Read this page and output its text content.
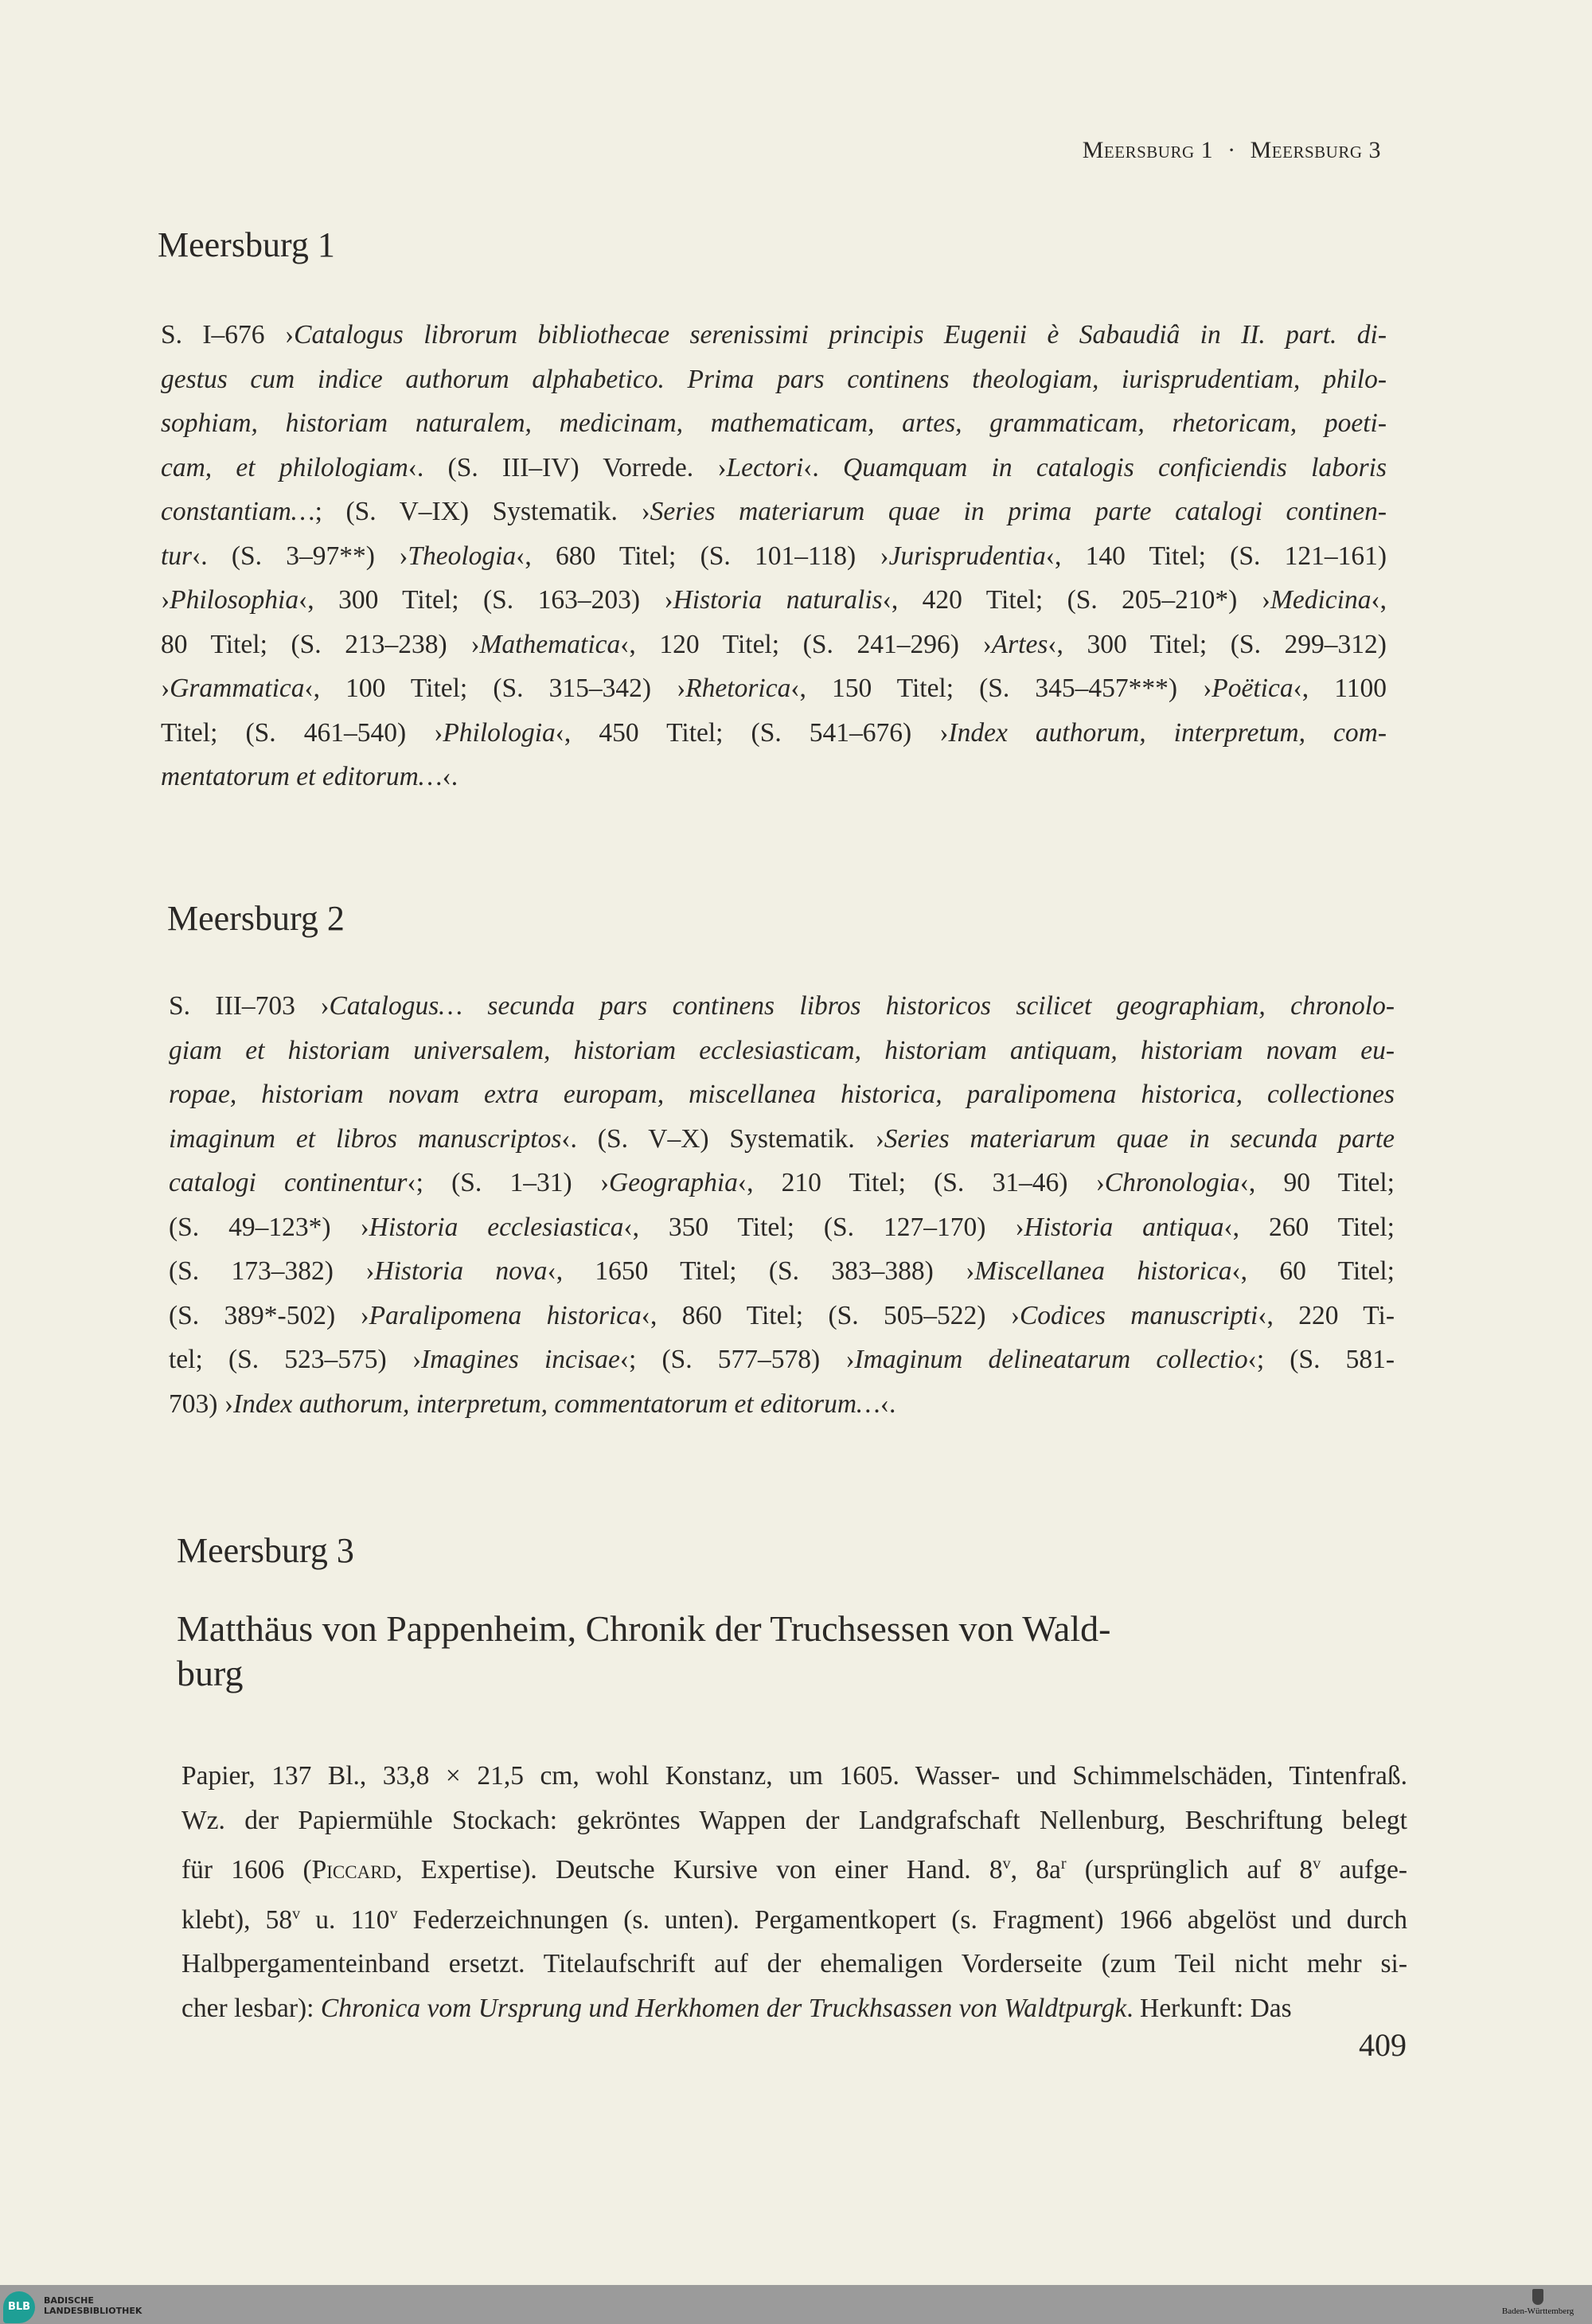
Meersburg 1 · Meersburg 3
Meersburg 1
S. I–676 ›Catalogus librorum bibliothecae serenissimi principis Eugenii è Sabaudiâ in II. part. di-
gestus cum indice authorum alphabetico. Prima pars continens theologiam, iurisprudentiam, philo-
sophiam, historiam naturalem, medicinam, mathematicam, artes, grammaticam, rhetoricam, poeti-
cam, et philologiam‹. (S. III–IV) Vorrede. ›Lectori‹. Quamquam in catalogis conficiendis laboris
constantiam…; (S. V–IX) Systematik. ›Series materiarum quae in prima parte catalogi continen-
tur‹. (S. 3–97**) ›Theologia‹, 680 Titel; (S. 101–118) ›Jurisprudentia‹, 140 Titel; (S. 121–161)
›Philosophia‹, 300 Titel; (S. 163–203) ›Historia naturalis‹, 420 Titel; (S. 205–210*) ›Medicina‹,
80 Titel; (S. 213–238) ›Mathematica‹, 120 Titel; (S. 241–296) ›Artes‹, 300 Titel; (S. 299–312)
›Grammatica‹, 100 Titel; (S. 315–342) ›Rhetorica‹, 150 Titel; (S. 345–457***) ›Poëtica‹, 1100
Titel; (S. 461–540) ›Philologia‹, 450 Titel; (S. 541–676) ›Index authorum, interpretum, com-
mentatorum et editorum…‹.
Meersburg 2
S. III–703 ›Catalogus… secunda pars continens libros historicos scilicet geographiam, chronolo-
giam et historiam universalem, historiam ecclesiasticam, historiam antiquam, historiam novam eu-
ropae, historiam novam extra europam, miscellanea historica, paralipomena historica, collectiones
imaginum et libros manuscriptos‹. (S. V–X) Systematik. ›Series materiarum quae in secunda parte
catalogi continentur‹; (S. 1–31) ›Geographia‹, 210 Titel; (S. 31–46) ›Chronologia‹, 90 Titel;
(S. 49–123*) ›Historia ecclesiastica‹, 350 Titel; (S. 127–170) ›Historia antiqua‹, 260 Titel;
(S. 173–382) ›Historia nova‹, 1650 Titel; (S. 383–388) ›Miscellanea historica‹, 60 Titel;
(S. 389*-502) ›Paralipomena historica‹, 860 Titel; (S. 505–522) ›Codices manuscripti‹, 220 Ti-
tel; (S. 523–575) ›Imagines incisae‹; (S. 577–578) ›Imaginum delineatarum collectio‹; (S. 581-
703) ›Index authorum, interpretum, commentatorum et editorum…‹.
Meersburg 3
Matthäus von Pappenheim, Chronik der Truchsessen von Wald-
burg
Papier, 137 Bl., 33,8 × 21,5 cm, wohl Konstanz, um 1605. Wasser- und Schimmelschäden, Tintenfraß.
Wz. der Papiermühle Stockach: gekröntes Wappen der Landgrafschaft Nellenburg, Beschriftung belegt
für 1606 (Piccard, Expertise). Deutsche Kursive von einer Hand. 8$^v$, $8a^r$ (ursprünglich auf 8$^v$ aufge-
klebt), 58$^v$ u. 110$^v$ Federzeichnungen (s. unten). Pergamentkopert (s. Fragment) 1966 abgelöst und durch
Halbpergamenteinband ersetzt. Titelaufschrift auf der ehemaligen Vorderseite (zum Teil nicht mehr si-
cher lesbar): Chronica vom Ursprung und Herkhomen der Truckhsassen von Waldtpurgk. Herkunft: Das
409
BLB
BADISCHE
LANDESBIBLIOTHEK	Baden-Württemberg
